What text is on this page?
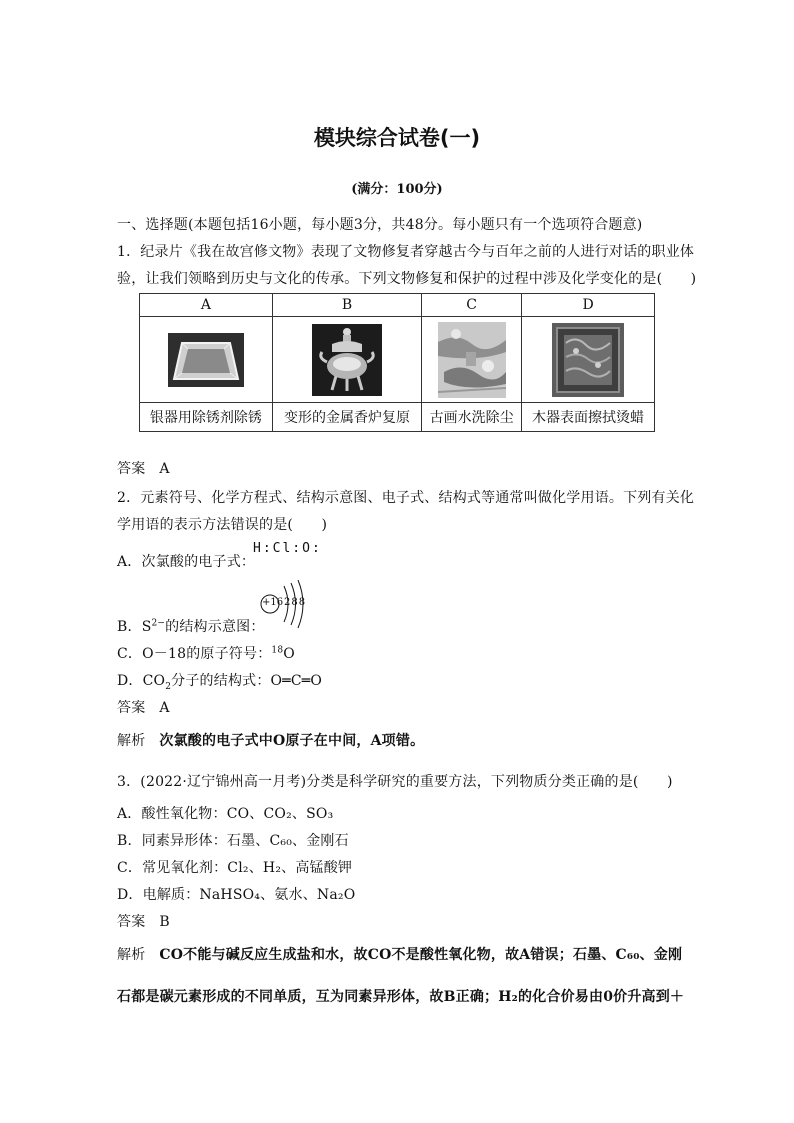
模块综合试卷(一)
(满分：100分)
一、选择题(本题包括16小题，每小题3分，共48分。每小题只有一个选项符合题意)
1．纪录片《我在故宫修文物》表现了文物修复者穿越古今与百年之前的人进行对话的职业体
验，让我们领略到历史与文化的传承。下列文物修复和保护的过程中涉及化学变化的是(　　)
A	B	C	D

银器用除锈剂除锈	变形的金属香炉复原	古画水洗除尘	木器表面擦拭烫蜡
答案 A
2．元素符号、化学方程式、结构示意图、电子式、结构式等通常叫做化学用语。下列有关化
学用语的表示方法错误的是(　　)
A．次氯酸的电子式：
H:Cl:O:
B．$S^{2-}$的结构示意图：
+16 288
C．O－18的原子符号：$^{18}$O
D．$CO_2$分子的结构式：O═C═O
答案 A
解析 次氯酸的电子式中O原子在中间，A项错。
3．(2022·辽宁锦州高一月考)分类是科学研究的重要方法，下列物质分类正确的是(　　)
A．酸性氧化物：CO、CO₂、SO₃
B．同素异形体：石墨、C₆₀、金刚石
C．常见氧化剂：Cl₂、H₂、高锰酸钾
D．电解质：NaHSO₄、氨水、Na₂O
答案 B
解析 CO不能与碱反应生成盐和水，故CO不是酸性氧化物，故A错误；石墨、C₆₀、金刚
石都是碳元素形成的不同单质，互为同素异形体，故B正确；H₂的化合价易由0价升高到＋
